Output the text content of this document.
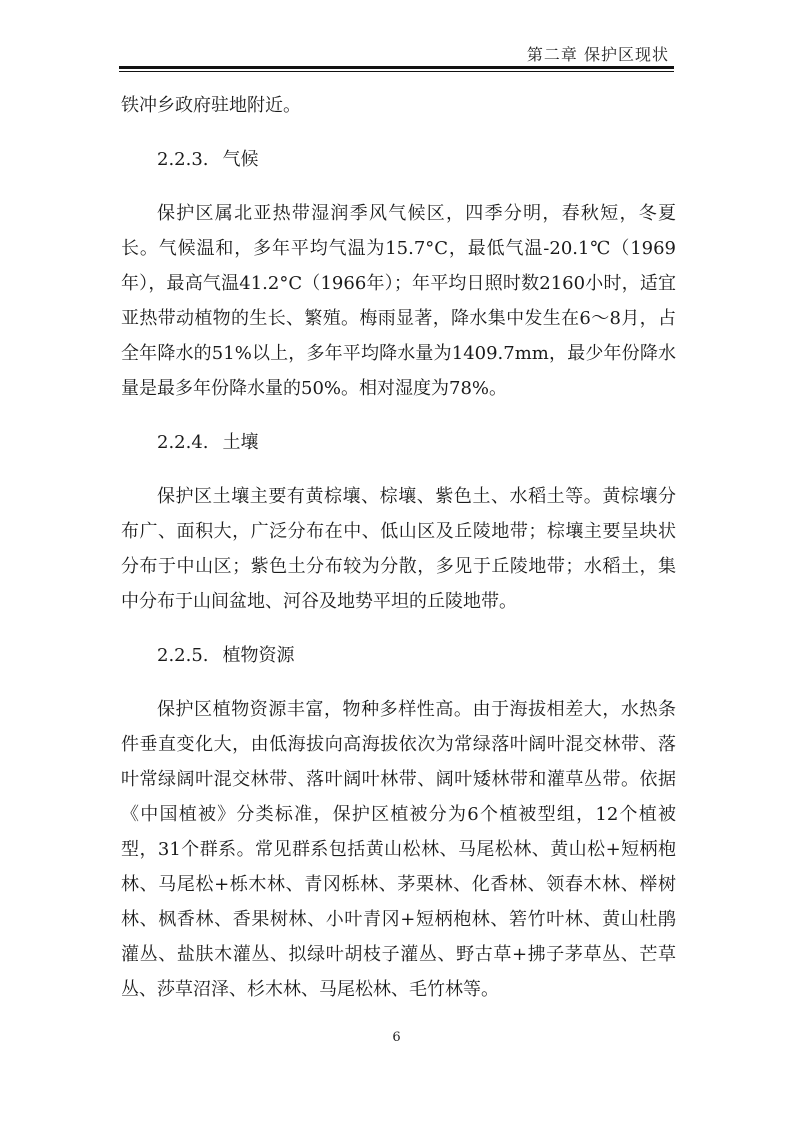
第二章 保护区现状

铁冲乡政府驻地附近。

2.2.3. 气候

保护区属北亚热带湿润季风气候区，四季分明，春秋短，冬夏长。气候温和，多年平均气温为15.7°C，最低气温-20.1℃（1969年），最高气温41.2°C（1966年）；年平均日照时数2160小时，适宜亚热带动植物的生长、繁殖。梅雨显著，降水集中发生在6～8月，占全年降水的51%以上，多年平均降水量为1409.7mm，最少年份降水量是最多年份降水量的50%。相对湿度为78%。

2.2.4. 土壤

保护区土壤主要有黄棕壤、棕壤、紫色土、水稻土等。黄棕壤分布广、面积大，广泛分布在中、低山区及丘陵地带；棕壤主要呈块状分布于中山区；紫色土分布较为分散，多见于丘陵地带；水稻土，集中分布于山间盆地、河谷及地势平坦的丘陵地带。

2.2.5. 植物资源

保护区植物资源丰富，物种多样性高。由于海拔相差大，水热条件垂直变化大，由低海拔向高海拔依次为常绿落叶阔叶混交林带、落叶常绿阔叶混交林带、落叶阔叶林带、阔叶矮林带和灌草丛带。依据《中国植被》分类标准，保护区植被分为6个植被型组，12个植被型，31个群系。常见群系包括黄山松林、马尾松林、黄山松+短柄枹林、马尾松+栎木林、青冈栎林、茅栗林、化香林、领春木林、榉树林、枫香林、香果树林、小叶青冈+短柄枹林、箬竹叶林、黄山杜鹃灌丛、盐肤木灌丛、拟绿叶胡枝子灌丛、野古草+拂子茅草丛、芒草丛、莎草沼泽、杉木林、马尾松林、毛竹林等。

6
